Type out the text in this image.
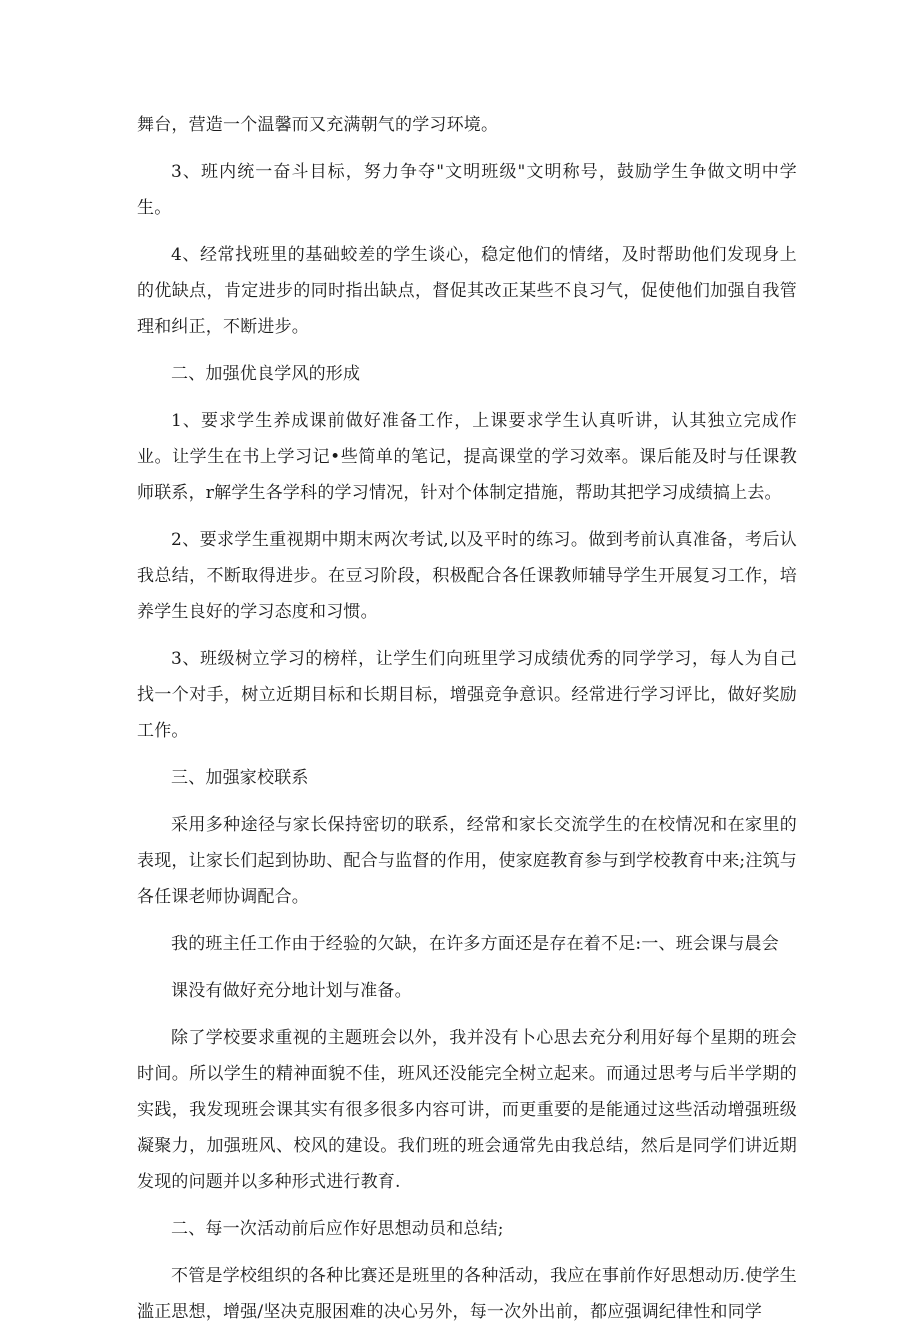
舞台，营造一个温馨而又充满朝气的学习环境。

3、班内统一奋斗目标，努力争夺"文明班级"文明称号，鼓励学生争做文明中学生。

4、经常找班里的基础蛟差的学生谈心，稳定他们的情绪，及时帮助他们发现身上的优缺点，肯定进步的同时指出缺点，督促其改正某些不良习气，促使他们加强自我管理和纠正，不断进步。

二、加强优良学风的形成

1、要求学生养成课前做好准备工作，上课要求学生认真听讲，认其独立完成作业。让学生在书上学习记•些简单的笔记，提高课堂的学习效率。课后能及时与任课教师联系，r解学生各学科的学习情况，针对个体制定措施，帮助其把学习成绩搞上去。

2、要求学生重视期中期末两次考试,以及平时的练习。做到考前认真准备，考后认我总结，不断取得进步。在豆习阶段，积极配合各任课教师辅导学生开展复习工作，培养学生良好的学习态度和习惯。

3、班级树立学习的榜样，让学生们向班里学习成绩优秀的同学学习，每人为自己找一个对手，树立近期目标和长期目标，增强竞争意识。经常进行学习评比，做好奖励工作。

三、加强家校联系

采用多种途径与家长保持密切的联系，经常和家长交流学生的在校情况和在家里的表现，让家长们起到协助、配合与监督的作用，使家庭教育参与到学校教育中来;注筑与各任课老师协调配合。

我的班主任工作由于经验的欠缺，在许多方面还是存在着不足:一、班会课与晨会

课没有做好充分地计划与准备。

除了学校要求重视的主题班会以外，我并没有卜心思去充分利用好每个星期的班会时间。所以学生的精神面貌不佳，班风还没能完全树立起来。而通过思考与后半学期的实践，我发现班会课其实有很多很多内容可讲，而更重要的是能通过这些活动增强班级凝聚力，加强班风、校风的建设。我们班的班会通常先由我总结，然后是同学们讲近期发现的问题并以多种形式进行教育.

二、每一次活动前后应作好思想动员和总结;

不管是学校组织的各种比赛还是班里的各种活动，我应在事前作好思想动历.使学生滥正思想，增强/坚决克服困难的决心另外，每一次外出前，都应强调纪律性和同学
